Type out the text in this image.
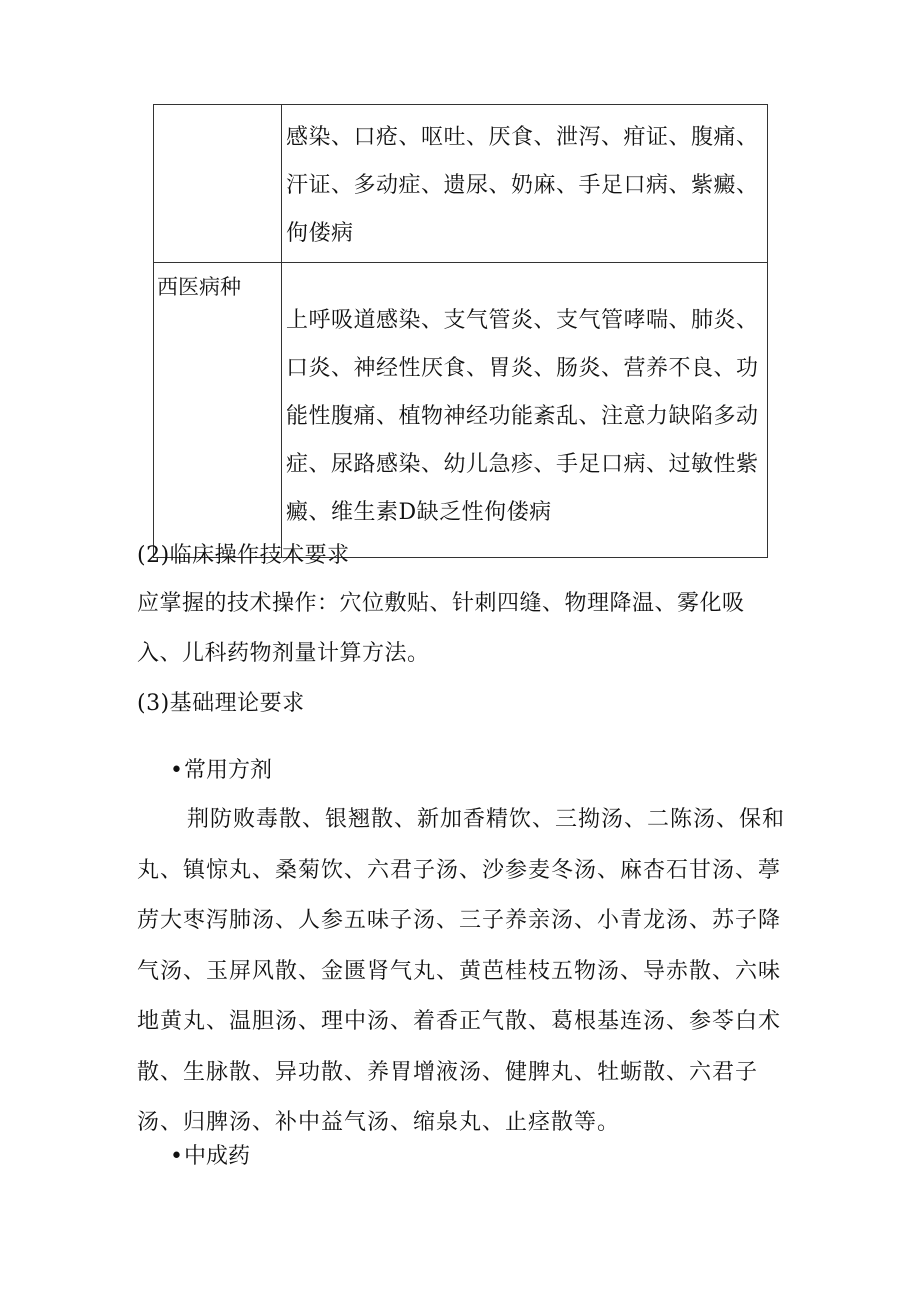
	感染、口疮、呕吐、厌食、泄泻、疳证、腹痛、汗证、多动症、遗尿、奶麻、手足口病、紫癜、佝偻病
西医病种	上呼吸道感染、支气管炎、支气管哮喘、肺炎、口炎、神经性厌食、胃炎、肠炎、营养不良、功能性腹痛、植物神经功能紊乱、注意力缺陷多动症、尿路感染、幼儿急疹、手足口病、过敏性紫癜、维生素D缺乏性佝偻病
(2)临床操作技术要求
应掌握的技术操作：穴位敷贴、针刺四缝、物理降温、雾化吸入、儿科药物剂量计算方法。
(3)基础理论要求
•常用方剂
荆防败毒散、银翘散、新加香精饮、三拗汤、二陈汤、保和丸、镇惊丸、桑菊饮、六君子汤、沙参麦冬汤、麻杏石甘汤、葶苈大枣泻肺汤、人参五味子汤、三子养亲汤、小青龙汤、苏子降气汤、玉屏风散、金匮肾气丸、黄芭桂枝五物汤、导赤散、六味地黄丸、温胆汤、理中汤、着香正气散、葛根基连汤、参苓白术散、生脉散、异功散、养胃增液汤、健脾丸、牡蛎散、六君子汤、归脾汤、补中益气汤、缩泉丸、止痉散等。
•中成药
